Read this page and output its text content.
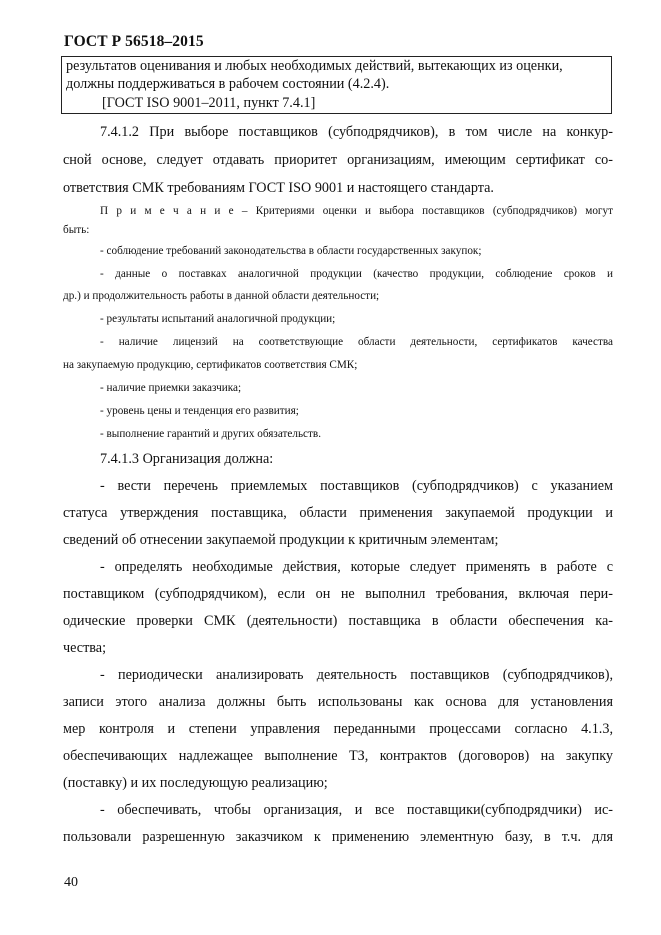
ГОСТ Р 56518–2015
результатов оценивания и любых необходимых действий, вытекающих из оценки,
должны поддерживаться в рабочем состоянии (4.2.4).
[ГОСТ ISO 9001–2011, пункт 7.4.1]
7.4.1.2 При выборе поставщиков (субподрядчиков), в том числе на конкур-
сной основе, следует отдавать приоритет организациям, имеющим сертификат со-
ответствия СМК требованиям ГОСТ ISO 9001 и настоящего стандарта.
П р и м е ч а н и е – Критериями оценки и выбора поставщиков (субподрядчиков) могут
быть:
- соблюдение требований законодательства в области государственных закупок;
- данные о поставках аналогичной продукции (качество продукции, соблюдение сроков и
др.) и продолжительность работы в данной области деятельности;
- результаты испытаний аналогичной продукции;
- наличие лицензий на соответствующие области деятельности, сертификатов качества
на закупаемую продукцию, сертификатов соответствия СМК;
- наличие приемки заказчика;
- уровень цены и тенденция его развития;
- выполнение гарантий и других обязательств.
7.4.1.3 Организация должна:
- вести перечень приемлемых поставщиков (субподрядчиков) с указанием
статуса утверждения поставщика, области применения закупаемой продукции и
сведений об отнесении закупаемой продукции к критичным элементам;
- определять необходимые действия, которые следует применять в работе с
поставщиком (субподрядчиком), если он не выполнил требования, включая пери-
одические проверки СМК (деятельности) поставщика в области обеспечения ка-
чества;
- периодически анализировать деятельность поставщиков (субподрядчиков),
записи этого анализа должны быть использованы как основа для установления
мер контроля и степени управления переданными процессами согласно 4.1.3,
обеспечивающих надлежащее выполнение ТЗ, контрактов (договоров) на закупку
(поставку) и их последующую реализацию;
- обеспечивать, чтобы организация, и все поставщики(субподрядчики) ис-
пользовали разрешенную заказчиком к применению элементную базу, в т.ч. для
40
